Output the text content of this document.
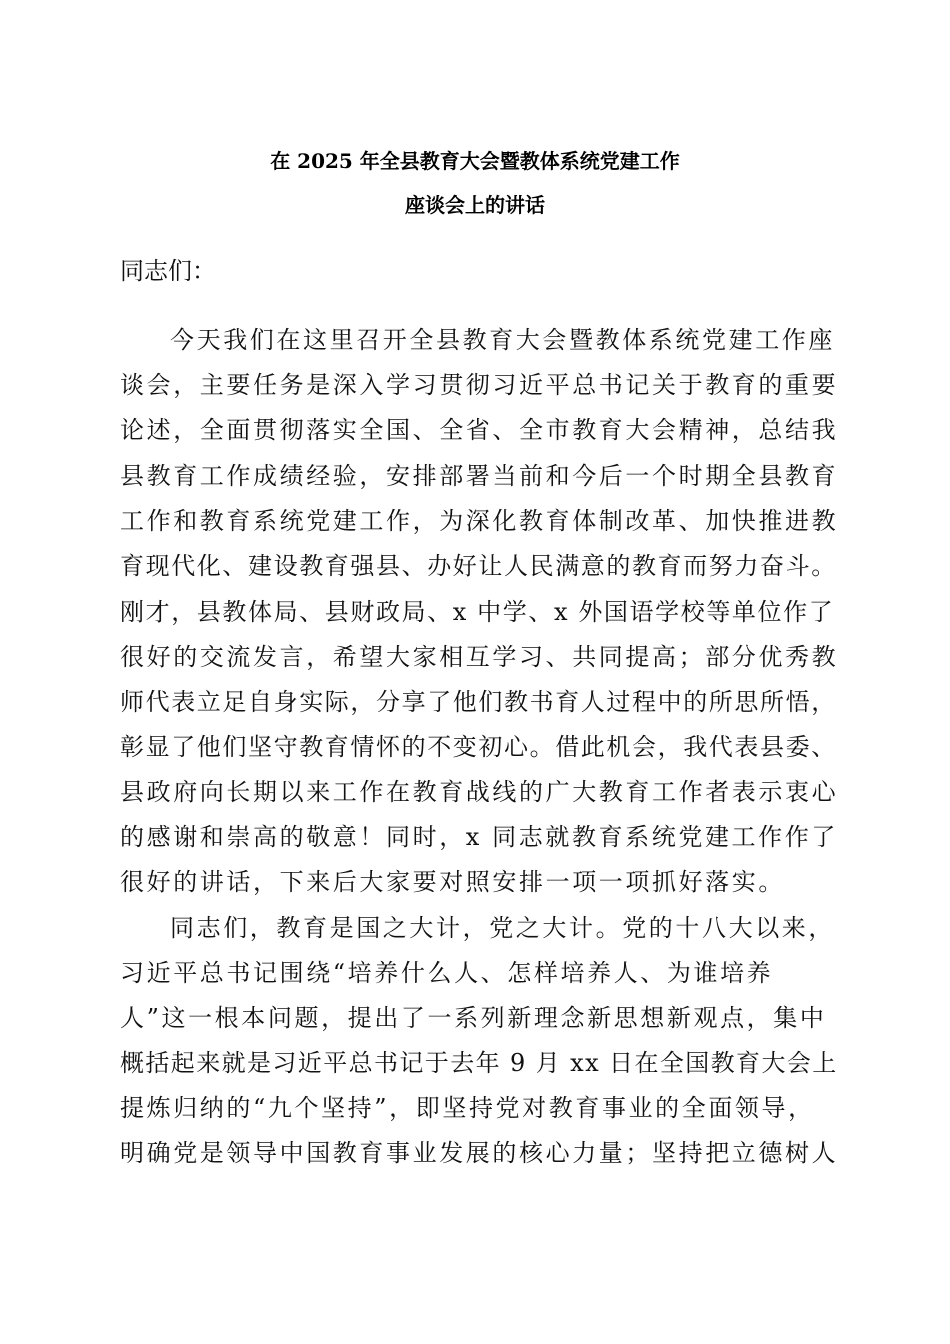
在 2025 年全县教育大会暨教体系统党建工作
座谈会上的讲话
同志们：
今天我们在这里召开全县教育大会暨教体系统党建工作座
谈会，主要任务是深入学习贯彻习近平总书记关于教育的重要
论述，全面贯彻落实全国、全省、全市教育大会精神，总结我
县教育工作成绩经验，安排部署当前和今后一个时期全县教育
工作和教育系统党建工作，为深化教育体制改革、加快推进教
育现代化、建设教育强县、办好让人民满意的教育而努力奋斗。
刚才，县教体局、县财政局、x 中学、x 外国语学校等单位作了
很好的交流发言，希望大家相互学习、共同提高；部分优秀教
师代表立足自身实际，分享了他们教书育人过程中的所思所悟，
彰显了他们坚守教育情怀的不变初心。借此机会，我代表县委、
县政府向长期以来工作在教育战线的广大教育工作者表示衷心
的感谢和崇高的敬意！同时，x 同志就教育系统党建工作作了
很好的讲话，下来后大家要对照安排一项一项抓好落实。
同志们，教育是国之大计，党之大计。党的十八大以来，
习近平总书记围绕“培养什么人、怎样培养人、为谁培养
人”这一根本问题，提出了一系列新理念新思想新观点，集中
概括起来就是习近平总书记于去年 9 月 xx 日在全国教育大会上
提炼归纳的“九个坚持”，即坚持党对教育事业的全面领导，
明确党是领导中国教育事业发展的核心力量；坚持把立德树人
